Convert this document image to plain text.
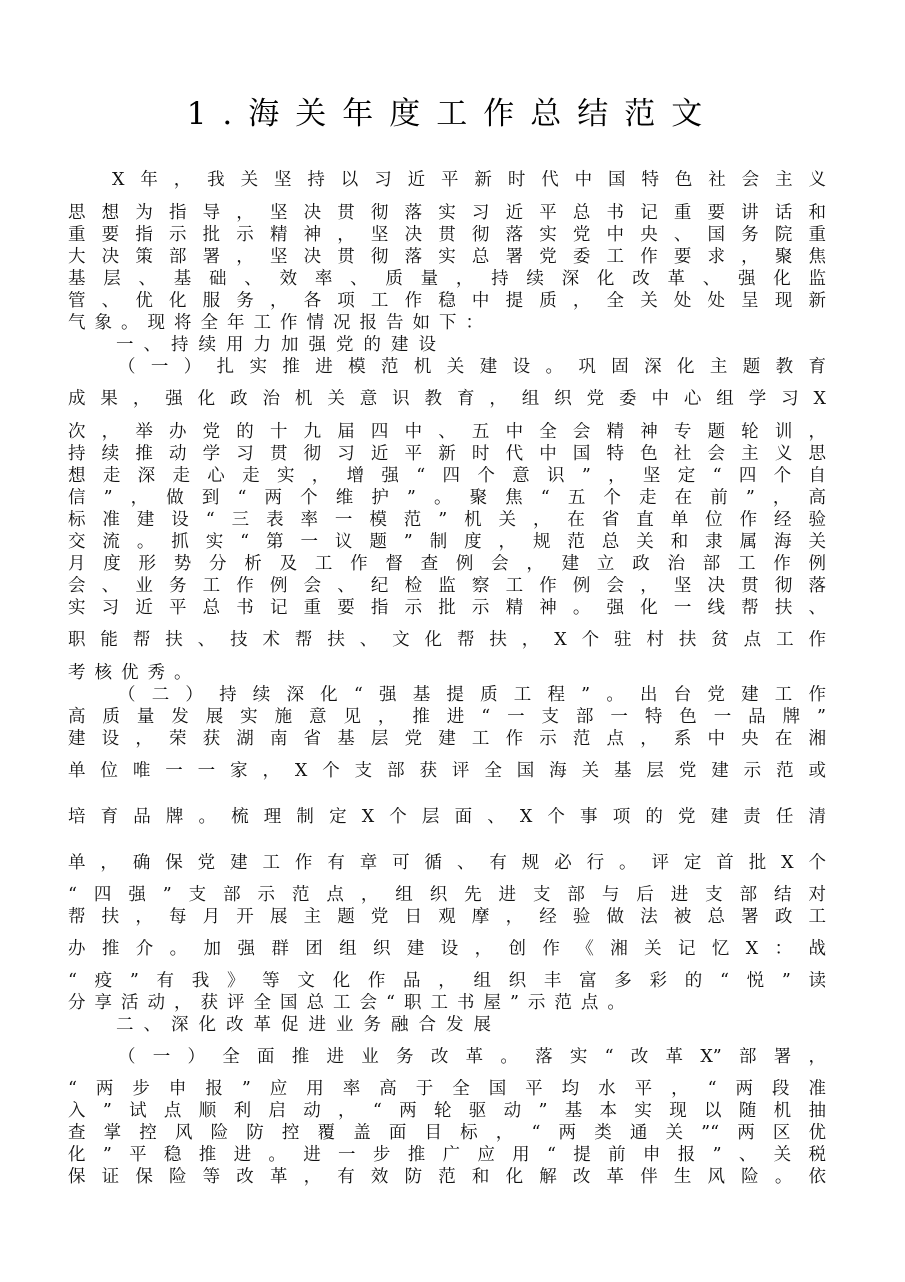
1.海关年度工作总结范文
X年，我关坚持以习近平新时代中国特色社会主义
思想为指导，坚决贯彻落实习近平总书记重要讲话和
重要指示批示精神，坚决贯彻落实党中央、国务院重
大决策部署，坚决贯彻落实总署党委工作要求，聚焦
基层、基础、效率、质量，持续深化改革、强化监
管、优化服务，各项工作稳中提质，全关处处呈现新
气象。现将全年工作情况报告如下：
一、持续用力加强党的建设
（一）扎实推进模范机关建设。巩固深化主题教育
成果，强化政治机关意识教育，组织党委中心组学习X
次，举办党的十九届四中、五中全会精神专题轮训，
持续推动学习贯彻习近平新时代中国特色社会主义思
想走深走心走实，增强“四个意识”，坚定“四个自
信”，做到“两个维护”。聚焦“五个走在前”，高
标准建设“三表率一模范”机关，在省直单位作经验
交流。抓实“第一议题”制度，规范总关和隶属海关
月度形势分析及工作督查例会，建立政治部工作例
会、业务工作例会、纪检监察工作例会，坚决贯彻落
实习近平总书记重要指示批示精神。强化一线帮扶、
职能帮扶、技术帮扶、文化帮扶，X个驻村扶贫点工作
考核优秀。
（二）持续深化“强基提质工程”。出台党建工作
高质量发展实施意见，推进“一支部一特色一品牌”
建设，荣获湖南省基层党建工作示范点，系中央在湘
单位唯一一家，X个支部获评全国海关基层党建示范或
培育品牌。梳理制定X个层面、X个事项的党建责任清
单，确保党建工作有章可循、有规必行。评定首批X个
“四强”支部示范点，组织先进支部与后进支部结对
帮扶，每月开展主题党日观摩，经验做法被总署政工
办推介。加强群团组织建设，创作《湘关记忆X：战
“疫”有我》等文化作品，组织丰富多彩的“悦”读
分享活动，获评全国总工会“职工书屋”示范点。
二、深化改革促进业务融合发展
（一）全面推进业务改革。落实“改革X”部署，
“两步申报”应用率高于全国平均水平，“两段准
入”试点顺利启动，“两轮驱动”基本实现以随机抽
查掌控风险防控覆盖面目标，“两类通关”“两区优
化”平稳推进。进一步推广应用“提前申报”、关税
保证保险等改革，有效防范和化解改革伴生风险。依
